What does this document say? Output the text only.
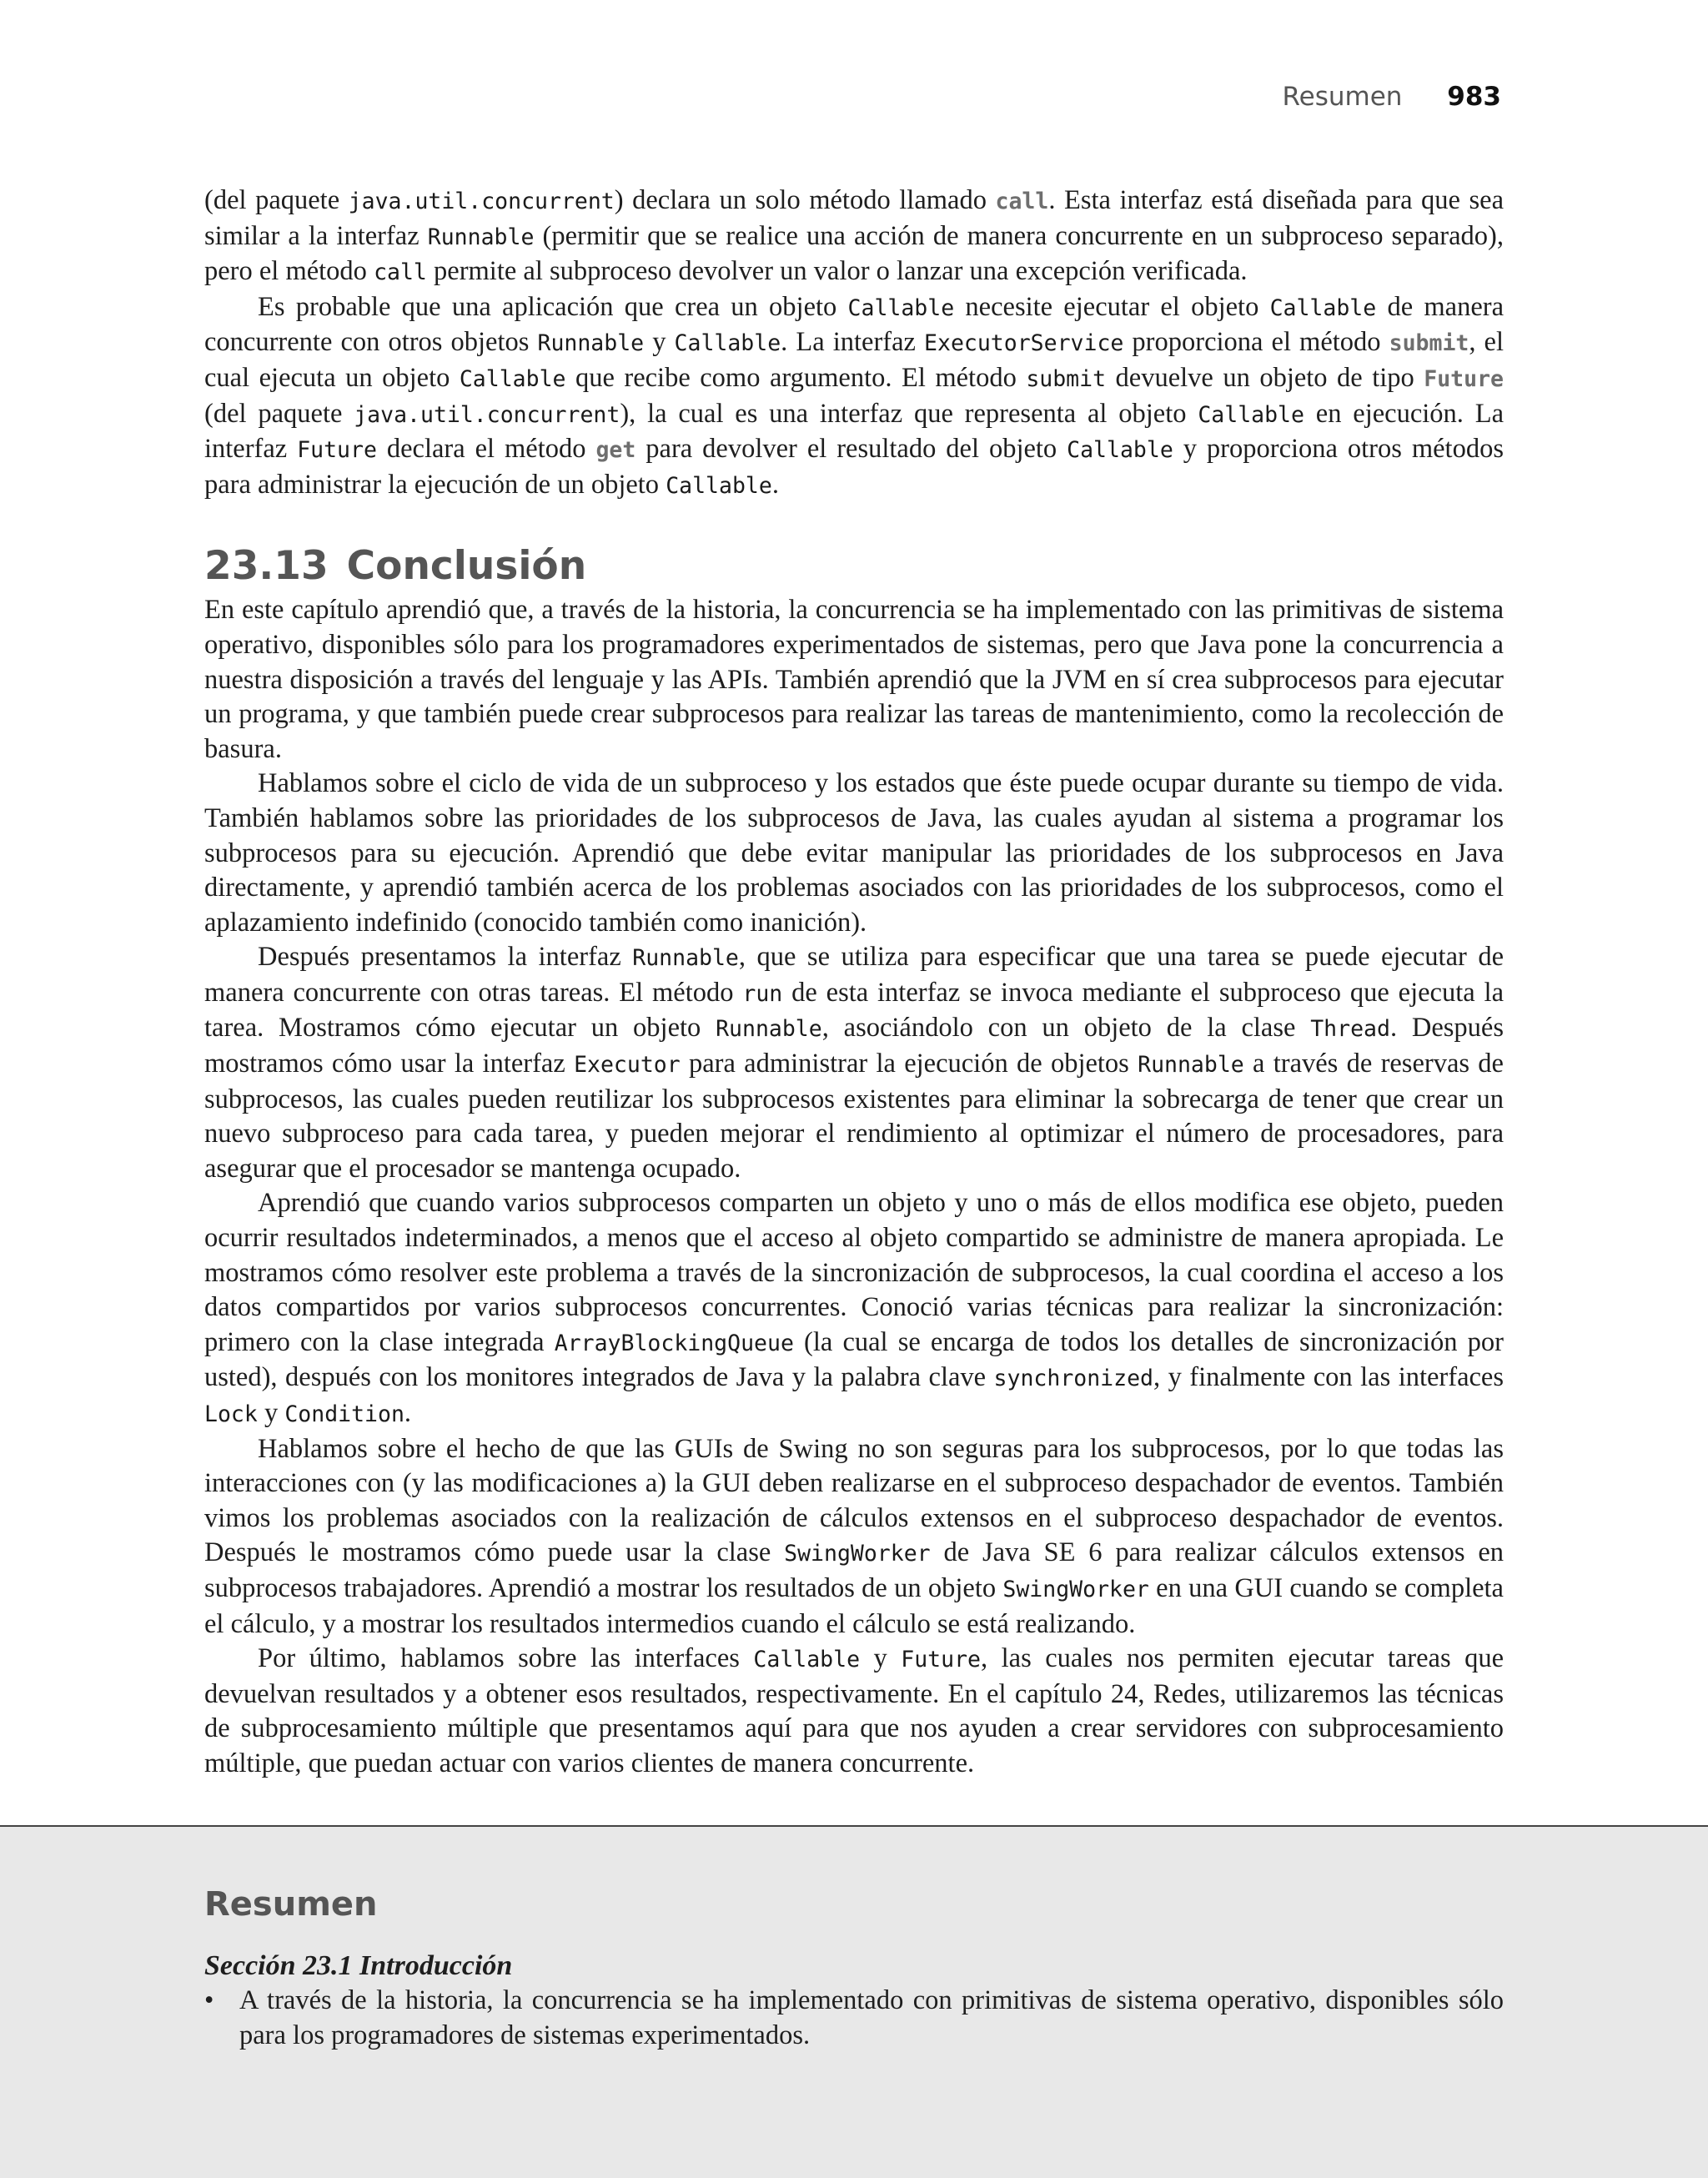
Resumen 983

(del paquete java.util.concurrent) declara un solo método llamado call. Esta interfaz está diseñada para que sea similar a la interfaz Runnable (permitir que se realice una acción de manera concurrente en un subproceso separado), pero el método call permite al subproceso devolver un valor o lanzar una excepción verificada.

Es probable que una aplicación que crea un objeto Callable necesite ejecutar el objeto Callable de manera concurrente con otros objetos Runnable y Callable. La interfaz ExecutorService proporciona el método submit, el cual ejecuta un objeto Callable que recibe como argumento. El método submit devuelve un objeto de tipo Future (del paquete java.util.concurrent), la cual es una interfaz que representa al objeto Callable en ejecución. La interfaz Future declara el método get para devolver el resultado del objeto Callable y proporciona otros métodos para administrar la ejecución de un objeto Callable.

23.13 Conclusión

En este capítulo aprendió que, a través de la historia, la concurrencia se ha implementado con las primitivas de sistema operativo, disponibles sólo para los programadores experimentados de sistemas, pero que Java pone la concurrencia a nuestra disposición a través del lenguaje y las APIs. También aprendió que la JVM en sí crea subprocesos para ejecutar un programa, y que también puede crear subprocesos para realizar las tareas de mantenimiento, como la recolección de basura.

Hablamos sobre el ciclo de vida de un subproceso y los estados que éste puede ocupar durante su tiempo de vida. También hablamos sobre las prioridades de los subprocesos de Java, las cuales ayudan al sistema a programar los subprocesos para su ejecución. Aprendió que debe evitar manipular las prioridades de los subprocesos en Java directamente, y aprendió también acerca de los problemas asociados con las prioridades de los subprocesos, como el aplazamiento indefinido (conocido también como inanición).

Después presentamos la interfaz Runnable, que se utiliza para especificar que una tarea se puede ejecutar de manera concurrente con otras tareas. El método run de esta interfaz se invoca mediante el subproceso que ejecuta la tarea. Mostramos cómo ejecutar un objeto Runnable, asociándolo con un objeto de la clase Thread. Después mostramos cómo usar la interfaz Executor para administrar la ejecución de objetos Runnable a través de reservas de subprocesos, las cuales pueden reutilizar los subprocesos existentes para eliminar la sobrecarga de tener que crear un nuevo subproceso para cada tarea, y pueden mejorar el rendimiento al optimizar el número de procesadores, para asegurar que el procesador se mantenga ocupado.

Aprendió que cuando varios subprocesos comparten un objeto y uno o más de ellos modifica ese objeto, pueden ocurrir resultados indeterminados, a menos que el acceso al objeto compartido se administre de manera apropiada. Le mostramos cómo resolver este problema a través de la sincronización de subprocesos, la cual coordina el acceso a los datos compartidos por varios subprocesos concurrentes. Conoció varias técnicas para realizar la sincronización: primero con la clase integrada ArrayBlockingQueue (la cual se encarga de todos los detalles de sincronización por usted), después con los monitores integrados de Java y la palabra clave synchronized, y finalmente con las interfaces Lock y Condition.

Hablamos sobre el hecho de que las GUIs de Swing no son seguras para los subprocesos, por lo que todas las interacciones con (y las modificaciones a) la GUI deben realizarse en el subproceso despachador de eventos. También vimos los problemas asociados con la realización de cálculos extensos en el subproceso despachador de eventos. Después le mostramos cómo puede usar la clase SwingWorker de Java SE 6 para realizar cálculos extensos en subprocesos trabajadores. Aprendió a mostrar los resultados de un objeto SwingWorker en una GUI cuando se completa el cálculo, y a mostrar los resultados intermedios cuando el cálculo se está realizando.

Por último, hablamos sobre las interfaces Callable y Future, las cuales nos permiten ejecutar tareas que devuelvan resultados y a obtener esos resultados, respectivamente. En el capítulo 24, Redes, utilizaremos las técnicas de subprocesamiento múltiple que presentamos aquí para que nos ayuden a crear servidores con subprocesamiento múltiple, que puedan actuar con varios clientes de manera concurrente.

Resumen
Sección 23.1 Introducción
• A través de la historia, la concurrencia se ha implementado con primitivas de sistema operativo, disponibles sólo para los programadores de sistemas experimentados.
